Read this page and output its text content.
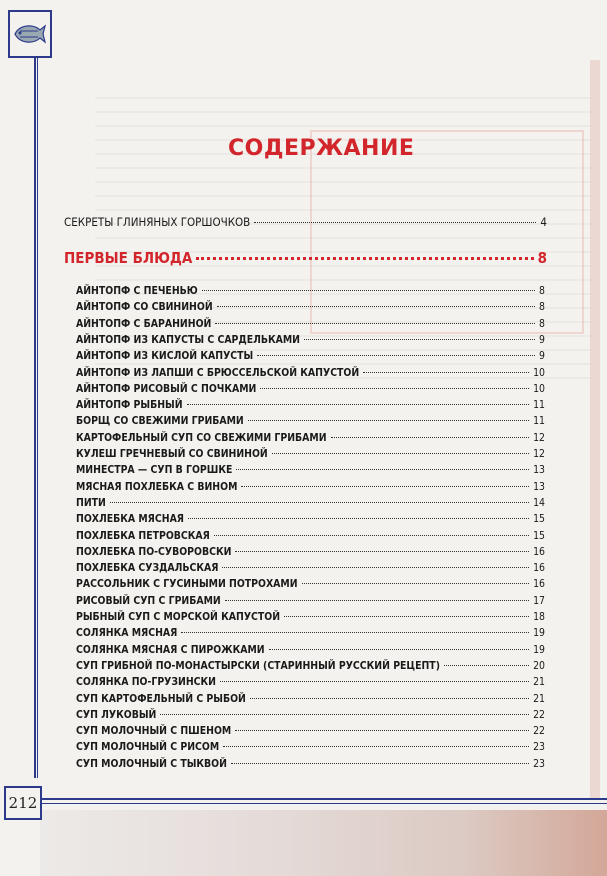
212
СОДЕРЖАНИЕ
СЕКРЕТЫ ГЛИНЯНЫХ ГОРШОЧКОВ	4
ПЕРВЫЕ БЛЮДА	8
АЙНТОПФ С ПЕЧЕНЬЮ	8
АЙНТОПФ СО СВИНИНОЙ	8
АЙНТОПФ С БАРАНИНОЙ	8
АЙНТОПФ ИЗ КАПУСТЫ С САРДЕЛЬКАМИ	9
АЙНТОПФ ИЗ КИСЛОЙ КАПУСТЫ	9
АЙНТОПФ ИЗ ЛАПШИ С БРЮССЕЛЬСКОЙ КАПУСТОЙ	10
АЙНТОПФ РИСОВЫЙ С ПОЧКАМИ	10
АЙНТОПФ РЫБНЫЙ	11
БОРЩ СО СВЕЖИМИ ГРИБАМИ	11
КАРТОФЕЛЬНЫЙ СУП СО СВЕЖИМИ ГРИБАМИ	12
КУЛЕШ ГРЕЧНЕВЫЙ СО СВИНИНОЙ	12
МИНЕСТРА — СУП В ГОРШКЕ	13
МЯСНАЯ ПОХЛЕБКА С ВИНОМ	13
ПИТИ	14
ПОХЛЕБКА МЯСНАЯ	15
ПОХЛЕБКА ПЕТРОВСКАЯ	15
ПОХЛЕБКА ПО-СУВОРОВСКИ	16
ПОХЛЕБКА СУЗДАЛЬСКАЯ	16
РАССОЛЬНИК С ГУСИНЫМИ ПОТРОХАМИ	16
РИСОВЫЙ СУП С ГРИБАМИ	17
РЫБНЫЙ СУП С МОРСКОЙ КАПУСТОЙ	18
СОЛЯНКА МЯСНАЯ	19
СОЛЯНКА МЯСНАЯ С ПИРОЖКАМИ	19
СУП ГРИБНОЙ ПО-МОНАСТЫРСКИ (СТАРИННЫЙ РУССКИЙ РЕЦЕПТ)	20
СОЛЯНКА ПО-ГРУЗИНСКИ	21
СУП КАРТОФЕЛЬНЫЙ С РЫБОЙ	21
СУП ЛУКОВЫЙ	22
СУП МОЛОЧНЫЙ С ПШЕНОМ	22
СУП МОЛОЧНЫЙ С РИСОМ	23
СУП МОЛОЧНЫЙ С ТЫКВОЙ	23
